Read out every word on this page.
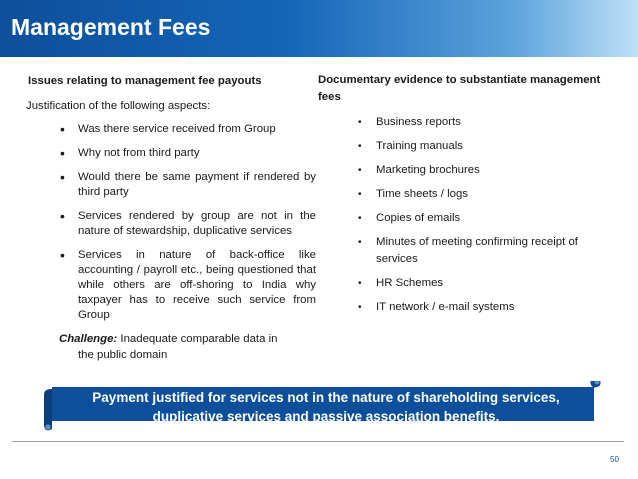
Management Fees
Issues relating to management fee payouts
Justification of the following aspects:
• Was there service received from Group
• Why not from third party
• Would there be same payment if rendered by third party
• Services rendered by group are not in the nature of stewardship, duplicative services
• Services in nature of back-office like accounting / payroll etc., being questioned that while others are off-shoring to India why taxpayer has to receive such service from Group
Challenge: Inadequate comparable data in
the public domain
Documentary evidence to substantiate management fees
• Business reports
• Training manuals
• Marketing brochures
• Time sheets / logs
• Copies of emails
• Minutes of meeting confirming receipt of services
• HR Schemes
• IT network / e-mail systems
Payment justified for services not in the nature of shareholding services, duplicative services and passive association benefits.
50
